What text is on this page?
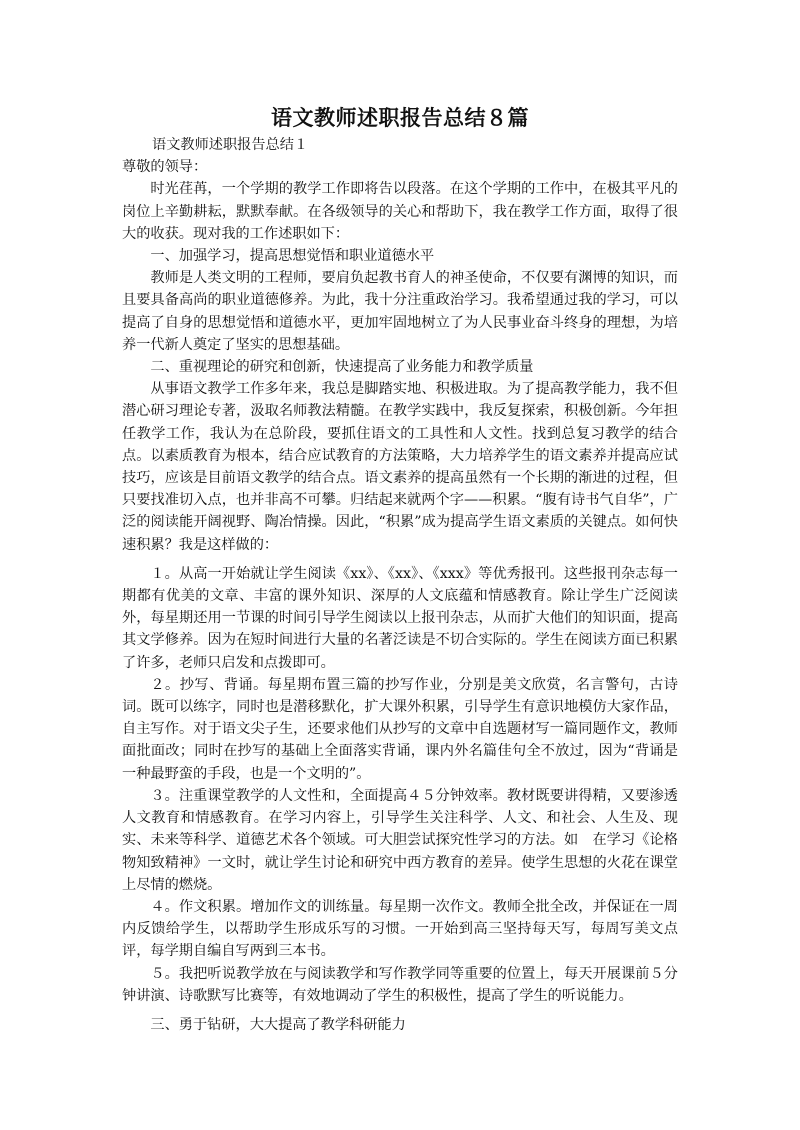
语文教师述职报告总结８篇

语文教师述职报告总结１

尊敬的领导：

时光荏苒，一个学期的教学工作即将告以段落。在这个学期的工作中，在极其平凡的岗位上辛勤耕耘，默默奉献。在各级领导的关心和帮助下，我在教学工作方面，取得了很大的收获。现对我的工作述职如下：

一、加强学习，提高思想觉悟和职业道德水平

教师是人类文明的工程师，要肩负起教书育人的神圣使命，不仅要有渊博的知识，而且要具备高尚的职业道德修养。为此，我十分注重政治学习。我希望通过我的学习，可以提高了自身的思想觉悟和道德水平，更加牢固地树立了为人民事业奋斗终身的理想，为培养一代新人奠定了坚实的思想基础。

二、重视理论的研究和创新，快速提高了业务能力和教学质量

从事语文教学工作多年来，我总是脚踏实地、积极进取。为了提高教学能力，我不但潜心研习理论专著，汲取名师教法精髓。在教学实践中，我反复探索，积极创新。今年担任教学工作，我认为在总阶段，要抓住语文的工具性和人文性。找到总复习教学的结合点。以素质教育为根本，结合应试教育的方法策略，大力培养学生的语文素养并提高应试技巧，应该是目前语文教学的结合点。语文素养的提高虽然有一个长期的渐进的过程，但只要找准切入点，也并非高不可攀。归结起来就两个字——积累。“腹有诗书气自华”，广泛的阅读能开阔视野、陶冶情操。因此，“积累”成为提高学生语文素质的关键点。如何快速积累？我是这样做的：

１。从高一开始就让学生阅读《xx》、《xx》、《xxx》等优秀报刊。这些报刊杂志每一期都有优美的文章、丰富的课外知识、深厚的人文底蕴和情感教育。除让学生广泛阅读外，每星期还用一节课的时间引导学生阅读以上报刊杂志，从而扩大他们的知识面，提高其文学修养。因为在短时间进行大量的名著泛读是不切合实际的。学生在阅读方面已积累了许多，老师只启发和点拨即可。

２。抄写、背诵。每星期布置三篇的抄写作业，分别是美文欣赏，名言警句，古诗词。既可以练字，同时也是潜移默化，扩大课外积累，引导学生有意识地模仿大家作品，自主写作。对于语文尖子生，还要求他们从抄写的文章中自选题材写一篇同题作文，教师面批面改；同时在抄写的基础上全面落实背诵，课内外名篇佳句全不放过，因为“背诵是一种最野蛮的手段，也是一个文明的”。

３。注重课堂教学的人文性和，全面提高４５分钟效率。教材既要讲得精，又要渗透人文教育和情感教育。在学习内容上，引导学生关注科学、人文、和社会、人生及、现实、未来等科学、道德艺术各个领域。可大胆尝试探究性学习的方法。如　在学习《论格物知致精神》一文时，就让学生讨论和研究中西方教育的差异。使学生思想的火花在课堂上尽情的燃烧。

４。作文积累。增加作文的训练量。每星期一次作文。教师全批全改，并保证在一周内反馈给学生，以帮助学生形成乐写的习惯。一开始到高三坚持每天写，每周写美文点评，每学期自编自写两到三本书。

５。我把听说教学放在与阅读教学和写作教学同等重要的位置上，每天开展课前５分钟讲演、诗歌默写比赛等，有效地调动了学生的积极性，提高了学生的听说能力。

三、勇于钻研，大大提高了教学科研能力
